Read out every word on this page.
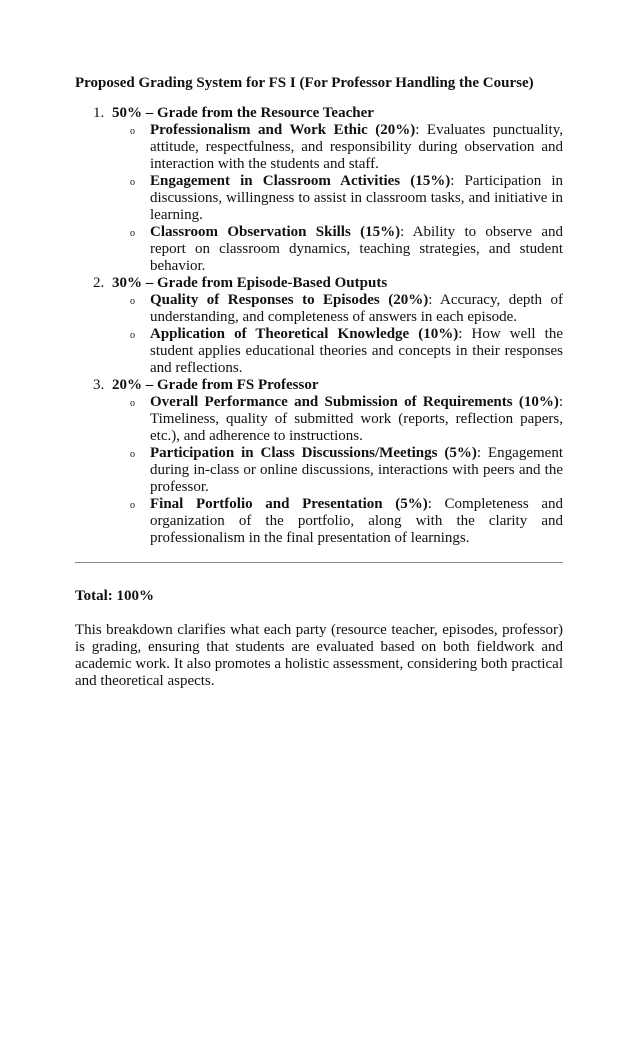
Proposed Grading System for FS I (For Professor Handling the Course)
1. 50% – Grade from the Resource Teacher
o Professionalism and Work Ethic (20%): Evaluates punctuality, attitude, respectfulness, and responsibility during observation and interaction with the students and staff.
o Engagement in Classroom Activities (15%): Participation in discussions, willingness to assist in classroom tasks, and initiative in learning.
o Classroom Observation Skills (15%): Ability to observe and report on classroom dynamics, teaching strategies, and student behavior.
2. 30% – Grade from Episode-Based Outputs
o Quality of Responses to Episodes (20%): Accuracy, depth of understanding, and completeness of answers in each episode.
o Application of Theoretical Knowledge (10%): How well the student applies educational theories and concepts in their responses and reflections.
3. 20% – Grade from FS Professor
o Overall Performance and Submission of Requirements (10%): Timeliness, quality of submitted work (reports, reflection papers, etc.), and adherence to instructions.
o Participation in Class Discussions/Meetings (5%): Engagement during in-class or online discussions, interactions with peers and the professor.
o Final Portfolio and Presentation (5%): Completeness and organization of the portfolio, along with the clarity and professionalism in the final presentation of learnings.
Total: 100%

This breakdown clarifies what each party (resource teacher, episodes, professor) is grading, ensuring that students are evaluated based on both fieldwork and academic work. It also promotes a holistic assessment, considering both practical and theoretical aspects.
